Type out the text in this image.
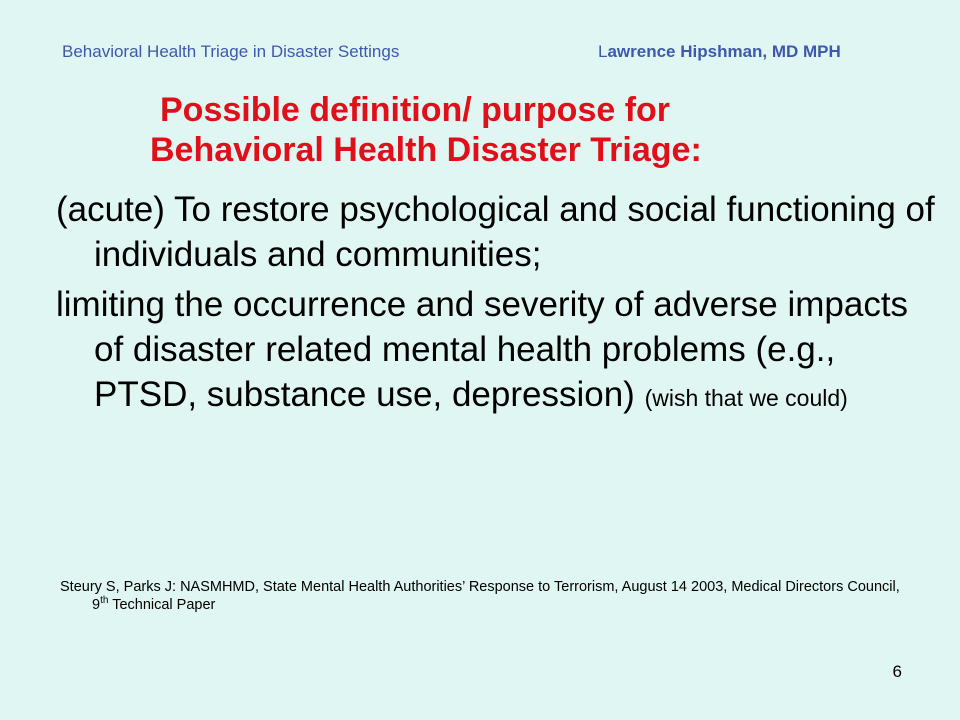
Behavioral Health Triage in Disaster Settings	Lawrence Hipshman, MD MPH
Possible definition/ purpose for
Behavioral Health Disaster Triage:

(acute) To restore psychological and social functioning of individuals and communities;

limiting the occurrence and severity of adverse impacts of disaster related mental health problems (e.g., PTSD, substance use, depression) (wish that we could)

Steury S, Parks J: NASMHMD, State Mental Health Authorities’ Response to Terrorism, August 14 2003, Medical Directors Council, 9th Technical Paper
6
